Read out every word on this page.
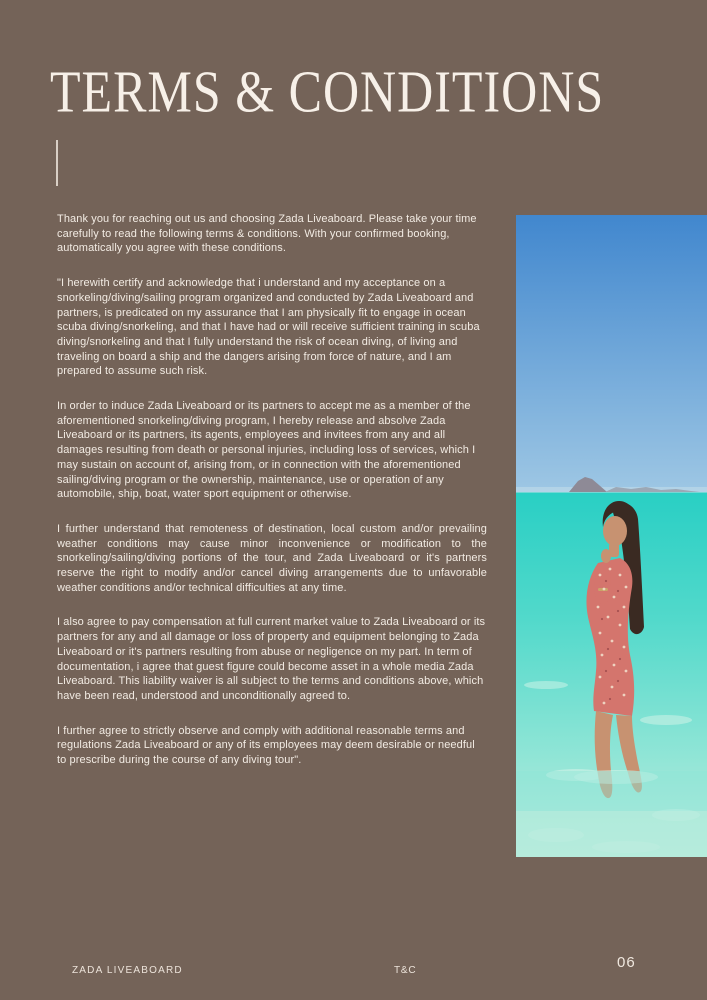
TERMS & CONDITIONS

Thank you for reaching out us and choosing Zada Liveaboard. Please take your time carefully to read the following terms & conditions. With your confirmed booking, automatically you agree with these conditions.

"I herewith certify and acknowledge that i understand and my acceptance on a snorkeling/diving/sailing program organized and conducted by Zada Liveaboard and partners, is predicated on my assurance that I am physically fit to engage in ocean scuba diving/snorkeling, and that I have had or will receive sufficient training in scuba diving/snorkeling and that I fully understand the risk of ocean diving, of living and traveling on board a ship and the dangers arising from force of nature, and I am prepared to assume such risk.

In order to induce Zada Liveaboard or its partners to accept me as a member of the aforementioned snorkeling/diving program, I hereby release and absolve Zada Liveaboard or its partners, its agents, employees and invitees from any and all damages resulting from death or personal injuries, including loss of services, which I may sustain on account of, arising from, or in connection with the aforementioned sailing/diving program or the ownership, maintenance, use or operation of any automobile, ship, boat, water sport equipment or otherwise.

I further understand that remoteness of destination, local custom and/or prevailing weather conditions may cause minor inconvenience or modification to the snorkeling/sailing/diving portions of the tour, and Zada Liveaboard or it's partners reserve the right to modify and/or cancel diving arrangements due to unfavorable weather conditions and/or technical difficulties at any time.

I also agree to pay compensation at full current market value to Zada Liveaboard or its partners for any and all damage or loss of property and equipment belonging to Zada Liveaboard or it's partners resulting from abuse or negligence on my part. In term of documentation, i agree that guest figure could become asset in a whole media Zada Liveaboard. This liability waiver is all subject to the terms and conditions above, which have been read, understood and unconditionally agreed to.

I further agree to strictly observe and comply with additional reasonable terms and regulations Zada Liveaboard or any of its employees may deem desirable or needful to prescribe during the course of any diving tour".

ZADA LIVEABOARD	T&C	06
